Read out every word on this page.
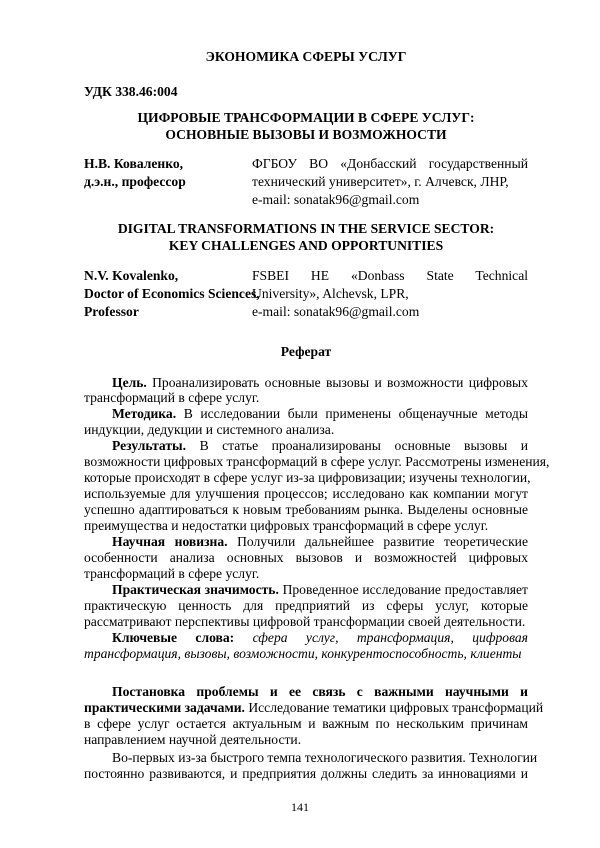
ЭКОНОМИКА СФЕРЫ УСЛУГ
УДК 338.46:004
ЦИФРОВЫЕ ТРАНСФОРМАЦИИ В СФЕРЕ УСЛУГ:
ОСНОВНЫЕ ВЫЗОВЫ И ВОЗМОЖНОСТИ
Н.В. Коваленко,
д.э.н., профессор
ФГБОУ ВО «Донбасский государственный
технический университет», г. Алчевск, ЛНР,
e-mail: sonatak96@gmail.com
DIGITAL TRANSFORMATIONS IN THE SERVICE SECTOR:
KEY CHALLENGES AND OPPORTUNITIES
N.V. Kovalenko,
Doctor of Economics Sciences,
Professor
FSBEI HE «Donbass State Technical
University», Alchevsk, LPR,
e-mail: sonatak96@gmail.com
Реферат
Цель. Проанализировать основные вызовы и возможности цифровых
трансформаций в сфере услуг.
Методика. В исследовании были применены общенаучные методы
индукции, дедукции и системного анализа.
Результаты. В статье проанализированы основные вызовы и
возможности цифровых трансформаций в сфере услуг. Рассмотрены изменения,
которые происходят в сфере услуг из-за цифровизации; изучены технологии,
используемые для улучшения процессов; исследовано как компании могут
успешно адаптироваться к новым требованиям рынка. Выделены основные
преимущества и недостатки цифровых трансформаций в сфере услуг.
Научная новизна. Получили дальнейшее развитие теоретические
особенности анализа основных вызовов и возможностей цифровых
трансформаций в сфере услуг.
Практическая значимость. Проведенное исследование предоставляет
практическую ценность для предприятий из сферы услуг, которые
рассматривают перспективы цифровой трансформации своей деятельности.
Ключевые слова: сфера услуг, трансформация, цифровая
трансформация, вызовы, возможности, конкурентоспособность, клиенты
Постановка проблемы и ее связь с важными научными и
практическими задачами. Исследование тематики цифровых трансформаций
в сфере услуг остается актуальным и важным по нескольким причинам
направлением научной деятельности.
Во-первых из-за быстрого темпа технологического развития. Технологии
постоянно развиваются, и предприятия должны следить за инновациями и
141
